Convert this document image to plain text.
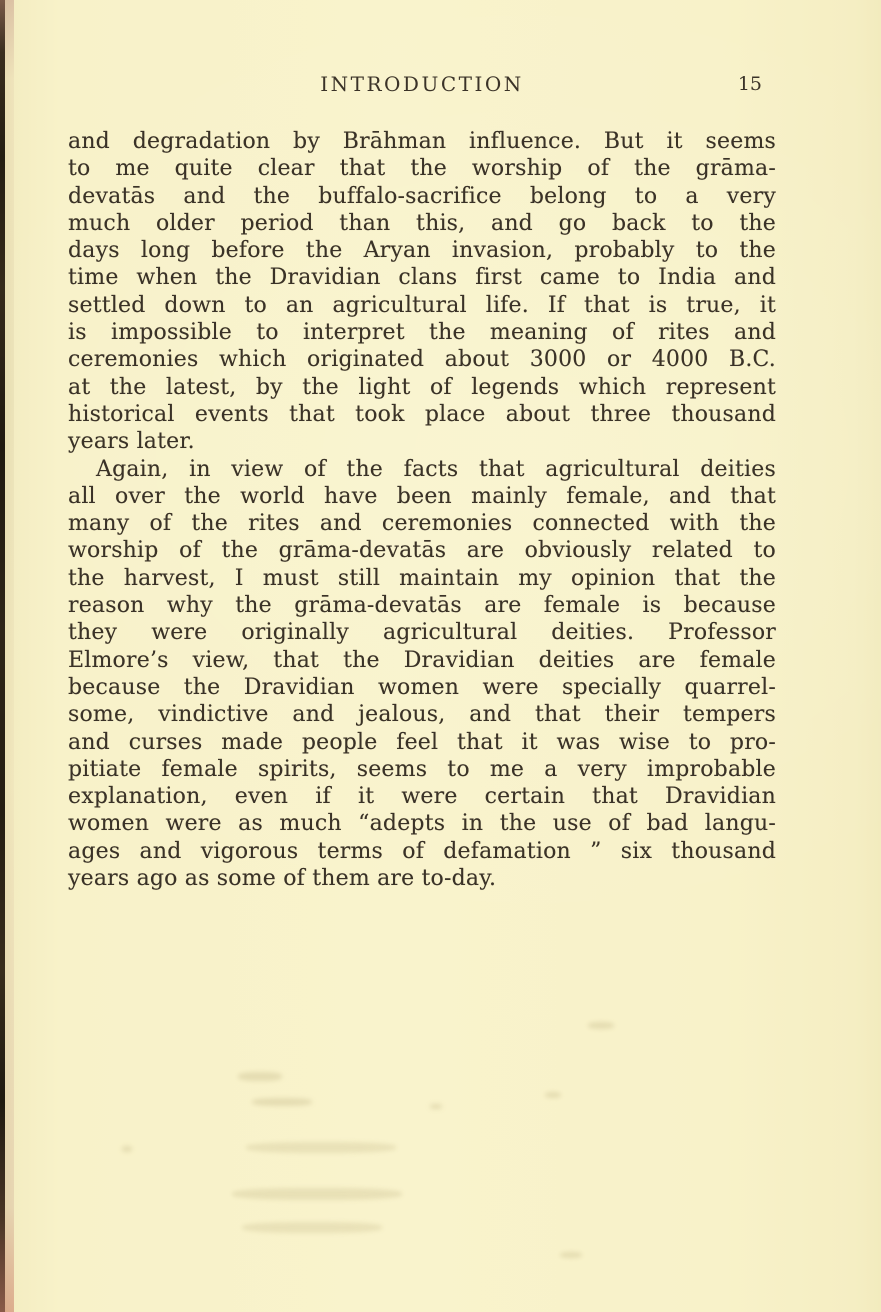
INTRODUCTION	15
and degradation by Brāhman influence. But it seems
to me quite clear that the worship of the grāma-
devatās and the buffalo-sacrifice belong to a very
much older period than this, and go back to the
days long before the Aryan invasion, probably to the
time when the Dravidian clans first came to India and
settled down to an agricultural life. If that is true, it
is impossible to interpret the meaning of rites and
ceremonies which originated about 3000 or 4000 B.C.
at the latest, by the light of legends which represent
historical events that took place about three thousand
years later.
Again, in view of the facts that agricultural deities
all over the world have been mainly female, and that
many of the rites and ceremonies connected with the
worship of the grāma-devatās are obviously related to
the harvest, I must still maintain my opinion that the
reason why the grāma-devatās are female is because
they were originally agricultural deities. Professor
Elmore’s view, that the Dravidian deities are female
because the Dravidian women were specially quarrel-
some, vindictive and jealous, and that their tempers
and curses made people feel that it was wise to pro-
pitiate female spirits, seems to me a very improbable
explanation, even if it were certain that Dravidian
women were as much “adepts in the use of bad langu-
ages and vigorous terms of defamation ” six thousand
years ago as some of them are to-day.
